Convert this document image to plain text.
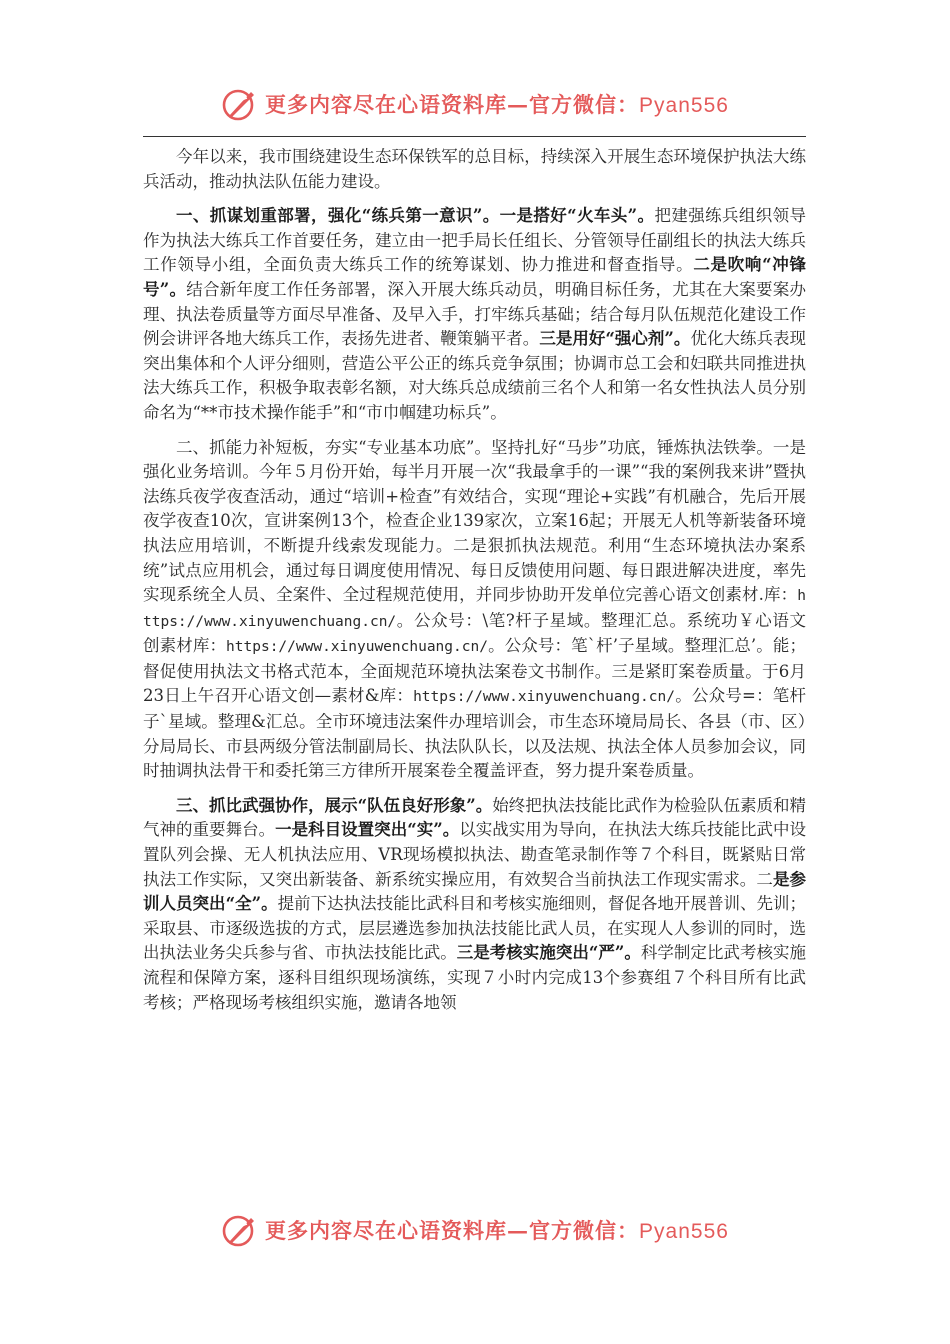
更多内容尽在心语资料库—官方微信：Pyan556

今年以来，我市围绕建设生态环保铁军的总目标，持续深入开展生态环境保护执法大练兵活动，推动执法队伍能力建设。

一、抓谋划重部署，强化“练兵第一意识”。一是搭好“火车头”。把建强练兵组织领导作为执法大练兵工作首要任务，建立由一把手局长任组长、分管领导任副组长的执法大练兵工作领导小组，全面负责大练兵工作的统筹谋划、协力推进和督查指导。二是吹响“冲锋号”。结合新年度工作任务部署，深入开展大练兵动员，明确目标任务，尤其在大案要案办理、执法卷质量等方面尽早准备、及早入手，打牢练兵基础；结合每月队伍规范化建设工作例会讲评各地大练兵工作，表扬先进者、鞭策躺平者。三是用好“强心剂”。优化大练兵表现突出集体和个人评分细则，营造公平公正的练兵竞争氛围；协调市总工会和妇联共同推进执法大练兵工作，积极争取表彰名额，对大练兵总成绩前三名个人和第一名女性执法人员分别命名为“**市技术操作能手”和“市巾帼建功标兵”。

二、抓能力补短板，夯实“专业基本功底”。坚持扎好“马步”功底，锤炼执法铁拳。一是强化业务培训。今年５月份开始，每半月开展一次“我最拿手的一课”“我的案例我来讲”暨执法练兵夜学夜查活动，通过“培训+检查”有效结合，实现“理论+实践”有机融合，先后开展夜学夜查10次，宣讲案例13个，检查企业139家次，立案16起；开展无人机等新装备环境执法应用培训，不断提升线索发现能力。二是狠抓执法规范。利用“生态环境执法办案系统”试点应用机会，通过每日调度使用情况、每日反馈使用问题、每日跟进解决进度，率先实现系统全人员、全案件、全过程规范使用，并同步协助开发单位完善心语文创素材.库：https://www.xinyuwenchuang.cn/。公众号：\笔?杆子星域。整理汇总。系统功￥心语文创素材库：https://www.xinyuwenchuang.cn/。公众号：笔`杆’子星域。整理汇总’。能；督促使用执法文书格式范本，全面规范环境执法案卷文书制作。三是紧盯案卷质量。于6月23日上午召开心语文创—素材&库：https://www.xinyuwenchuang.cn/。公众号=：笔杆子`星域。整理&汇总。全市环境违法案件办理培训会，市生态环境局局长、各县（市、区）分局局长、市县两级分管法制副局长、执法队队长，以及法规、执法全体人员参加会议，同时抽调执法骨干和委托第三方律所开展案卷全覆盖评查，努力提升案卷质量。

三、抓比武强协作，展示“队伍良好形象”。始终把执法技能比武作为检验队伍素质和精气神的重要舞台。一是科目设置突出“实”。以实战实用为导向，在执法大练兵技能比武中设置队列会操、无人机执法应用、VR现场模拟执法、勘查笔录制作等７个科目，既紧贴日常执法工作实际，又突出新装备、新系统实操应用，有效契合当前执法工作现实需求。二是参训人员突出“全”。提前下达执法技能比武科目和考核实施细则，督促各地开展普训、先训；采取县、市逐级选拔的方式，层层遴选参加执法技能比武人员，在实现人人参训的同时，选出执法业务尖兵参与省、市执法技能比武。三是考核实施突出“严”。科学制定比武考核实施流程和保障方案，逐科目组织现场演练，实现７小时内完成13个参赛组７个科目所有比武考核；严格现场考核组织实施，邀请各地领

更多内容尽在心语资料库—官方微信：Pyan556
